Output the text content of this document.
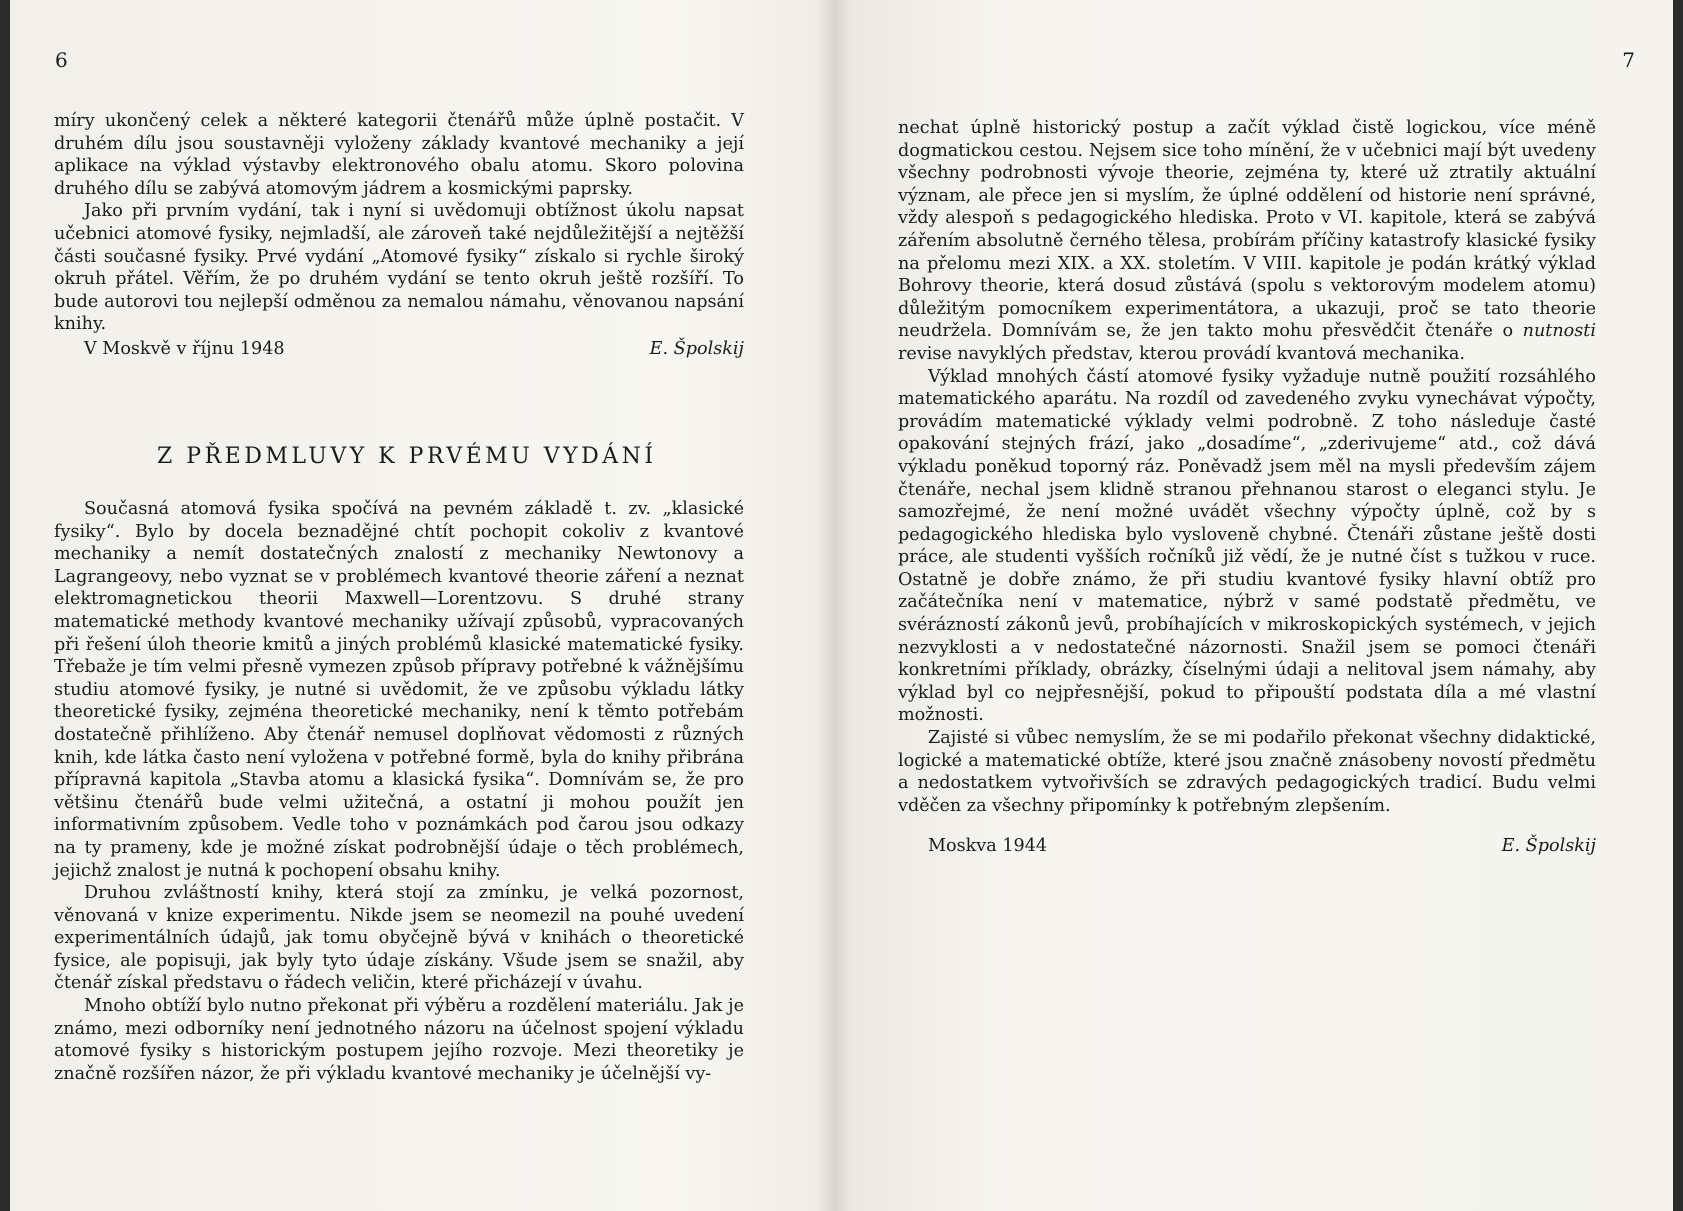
6

míry ukončený celek a některé kategorii čtenářů může úplně postačit. V druhém dílu jsou soustavněji vyloženy základy kvantové mechaniky a její aplikace na výklad výstavby elektronového obalu atomu. Skoro polovina druhého dílu se zabývá atomovým jádrem a kosmickými paprsky.

Jako při prvním vydání, tak i nyní si uvědomuji obtížnost úkolu napsat učebnici atomové fysiky, nejmladší, ale zároveň také nejdůležitější a nejtěžší části současné fysiky. Prvé vydání „Atomové fysiky“ získalo si rychle široký okruh přátel. Věřím, že po druhém vydání se tento okruh ještě rozšíří. To bude autorovi tou nejlepší odměnou za nemalou námahu, věnovanou napsání knihy.

V Moskvě v říjnu 1948	E. Špolskij
Z PŘEDMLUVY K PRVÉMU VYDÁNÍ

Současná atomová fysika spočívá na pevném základě t. zv. „klasické fysiky“. Bylo by docela beznadějné chtít pochopit cokoliv z kvantové mechaniky a nemít dostatečných znalostí z mechaniky Newtonovy a Lagrangeovy, nebo vyznat se v problémech kvantové theorie záření a neznat elektromagnetickou theorii Maxwell—Lorentzovu. S druhé strany matematické methody kvantové mechaniky užívají způsobů, vypracovaných při řešení úloh theorie kmitů a jiných problémů klasické matematické fysiky. Třebaže je tím velmi přesně vymezen způsob přípravy potřebné k vážnějšímu studiu atomové fysiky, je nutné si uvědomit, že ve způsobu výkladu látky theoretické fysiky, zejména theoretické mechaniky, není k těmto potřebám dostatečně přihlíženo. Aby čtenář nemusel doplňovat vědomosti z různých knih, kde látka často není vyložena v potřebné formě, byla do knihy přibrána přípravná kapitola „Stavba atomu a klasická fysika“. Domnívám se, že pro většinu čtenářů bude velmi užitečná, a ostatní ji mohou použít jen informativním způsobem. Vedle toho v poznámkách pod čarou jsou odkazy na ty prameny, kde je možné získat podrobnější údaje o těch problémech, jejichž znalost je nutná k pochopení obsahu knihy.

Druhou zvláštností knihy, která stojí za zmínku, je velká pozornost, věnovaná v knize experimentu. Nikde jsem se neomezil na pouhé uvedení experimentálních údajů, jak tomu obyčejně bývá v knihách o theoretické fysice, ale popisuji, jak byly tyto údaje získány. Všude jsem se snažil, aby čtenář získal představu o řádech veličin, které přicházejí v úvahu.

Mnoho obtíží bylo nutno překonat při výběru a rozdělení materiálu. Jak je známo, mezi odborníky není jednotného názoru na účelnost spojení výkladu atomové fysiky s historickým postupem jejího rozvoje. Mezi theoretiky je značně rozšířen názor, že při výkladu kvantové mechaniky je účelnější vy-

7

nechat úplně historický postup a začít výklad čistě logickou, více méně dogmatickou cestou. Nejsem sice toho mínění, že v učebnici mají být uvedeny všechny podrobnosti vývoje theorie, zejména ty, které už ztratily aktuální význam, ale přece jen si myslím, že úplné oddělení od historie není správné, vždy alespoň s pedagogického hlediska. Proto v VI. kapitole, která se zabývá zářením absolutně černého tělesa, probírám příčiny katastrofy klasické fysiky na přelomu mezi XIX. a XX. stoletím. V VIII. kapitole je podán krátký výklad Bohrovy theorie, která dosud zůstává (spolu s vektorovým modelem atomu) důležitým pomocníkem experimentátora, a ukazuji, proč se tato theorie neudržela. Domnívám se, že jen takto mohu přesvědčit čtenáře o nutnosti revise navyklých představ, kterou provádí kvantová mechanika.

Výklad mnohých částí atomové fysiky vyžaduje nutně použití rozsáhlého matematického aparátu. Na rozdíl od zavedeného zvyku vynechávat výpočty, provádím matematické výklady velmi podrobně. Z toho následuje časté opakování stejných frází, jako „dosadíme“, „zderivujeme“ atd., což dává výkladu poněkud toporný ráz. Poněvadž jsem měl na mysli především zájem čtenáře, nechal jsem klidně stranou přehnanou starost o eleganci stylu. Je samozřejmé, že není možné uvádět všechny výpočty úplně, což by s pedagogického hlediska bylo vysloveně chybné. Čtenáři zůstane ještě dosti práce, ale studenti vyšších ročníků již vědí, že je nutné číst s tužkou v ruce. Ostatně je dobře známo, že při studiu kvantové fysiky hlavní obtíž pro začátečníka není v matematice, nýbrž v samé podstatě předmětu, ve svérázností zákonů jevů, probíhajících v mikroskopických systémech, v jejich nezvyklosti a v nedostatečné názornosti. Snažil jsem se pomoci čtenáři konkretními příklady, obrázky, číselnými údaji a nelitoval jsem námahy, aby výklad byl co nejpřesnější, pokud to připouští podstata díla a mé vlastní možnosti.

Zajisté si vůbec nemyslím, že se mi podařilo překonat všechny didaktické, logické a matematické obtíže, které jsou značně znásobeny novostí předmětu a nedostatkem vytvořivších se zdravých pedagogických tradicí. Budu velmi vděčen za všechny připomínky k potřebným zlepšením.

Moskva 1944	E. Špolskij
